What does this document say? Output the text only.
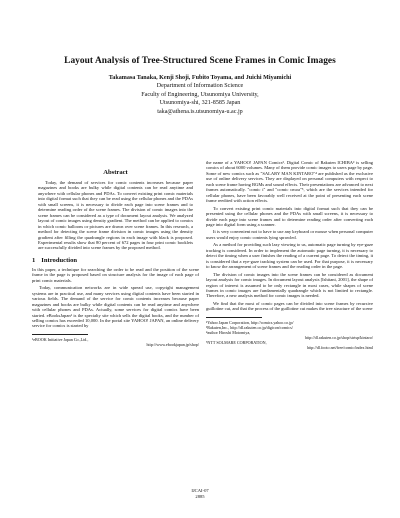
Layout Analysis of Tree-Structured Scene Frames in Comic Images
Takamasa Tanaka, Kenji Shoji, Fubito Toyama, and Juichi Miyamichi
Department of Information Science
Faculty of Engineering, Utsunomiya University,
Utsunomiya-shi, 321-8585 Japan
taka@athena.is.utsunomiya-u.ac.jp
Abstract

Today, the demand of services for comic contents increases because paper magazines and books are bulky while digital contents can be read anytime and anywhere with cellular phones and PDAs. To convert existing print comic materials into digital format such that they can be read using the cellular phones and the PDAs with small screens, it is necessary to divide each page into scene frames and to determine reading order of the scene frames. The division of comic images into the scene frames can be considered as a type of document layout analysis. We analyzed layout of comic images using density gradient. The method can be applied to comics in which comic balloons or pictures are drawn over scene frames. In this research, a method for detecting the scene frame division in comic images using the density gradient after filling the quadrangle regions in each image with black is proposed. Experimental results show that 80 percent of 672 pages in four print comic booklets are successfully divided into scene frames by the proposed method.

1 Introduction

In this paper, a technique for searching the order to be read and the position of the scene frame in the page is proposed based on structure analysis for the image of each page of print comic materials.

Today, communication networks are in wide spread use, copyright management systems are in practical use, and many services using digital contents have been started in various fields. The demand of the service for comic contents increases because paper magazines and books are bulky while digital contents can be read anytime and anywhere with cellular phones and PDAs. Actually, some services for digital comics have been started. eBooksJapan¹ is the specialty site which sells the digital books, and the number of selling comics has exceeded 10,000. In the portal site YAHOO! JAPAN, an online delivery service for comics is started by

¹eBOOK Initiative Japan Co.,Ltd.,
http://www.ebookjapan.jp/shop/

the name of a YAHOO! JAPAN Comics². Digital Comic of Rakuten ICHIBA³ is selling comics of about 6000 volumes. Many of them provide comic images to users page by page. Some of new comics such as "SALARY MAN KINTARO"⁴ are published as the exclusive use of online delivery services. They are displayed on personal computers with respect to each scene frame having BGMs and sound effects. Their presentations are advanced to next frames automatically. "comic i" and "comic cmoa"⁵, which are the services intended for cellular phones, have been favorably well received at the point of presenting each scene frame reedited with action effects.

To convert existing print comic materials into digital format such that they can be presented using the cellular phones and the PDAs with small screens, it is necessary to divide each page into scene frames and to determine reading order after converting each page into digital form using a scanner.

It is very convenient not to have to use any keyboard or mouse when personal computer users would enjoy comic contents lying sprawled.

As a method for providing such lazy viewing to us, automatic page turning by eye-gaze tracking is considered. In order to implement the automatic page turning, it is necessary to detect the timing when a user finishes the reading of a current page. To detect the timing, it is considered that a eye-gaze tracking system can be used. For that purpose, it is necessary to know the arrangement of scene frames and the reading order in the page.

The division of comic images into the scene frames can be considered as document layout analysis for comic images. In document layout analysis [Ishitani, 2001], the shape of region of interest is assumed to be only rectangle in most cases, while shapes of scene frames in comic images are fundamentally quadrangle which is not limited to rectangle. Therefore, a new analysis method for comic images is needed.

We find that the most of comic pages can be divided into scene frames by recursive guillotine cut, and that the process of the guillotine cut makes the tree structure of the scene

²Yahoo Japan Corporation, http://comics.yahoo.co.jp/
³Rakuten,Inc., http://dl.rakuten.co.jp/digicon/comics/
⁴author Hiroshi Motomiya,
http://dl.rakuten.co.jp/shop/strtsp/kintaro/
⁵NTT SOLMARE CORPORATION,
http://dl.footo.net/free/comic/index.html
IJCAI-07
2885
